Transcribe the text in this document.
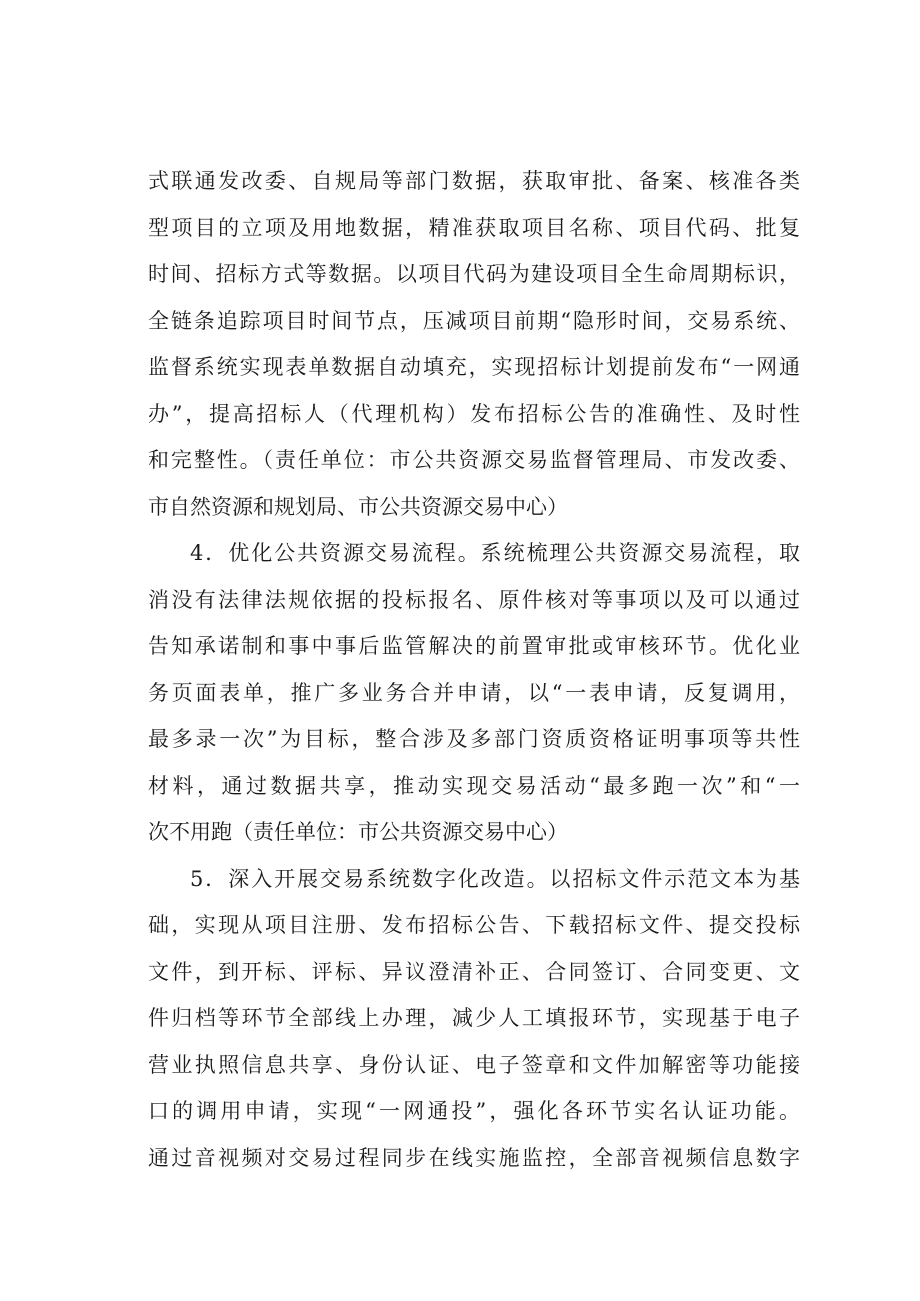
式联通发改委、自规局等部门数据，获取审批、备案、核准各类
型项目的立项及用地数据，精准获取项目名称、项目代码、批复
时间、招标方式等数据。以项目代码为建设项目全生命周期标识，
全链条追踪项目时间节点，压减项目前期“隐形时间，交易系统、
监督系统实现表单数据自动填充，实现招标计划提前发布“一网通
办”，提高招标人（代理机构）发布招标公告的准确性、及时性
和完整性。（责任单位：市公共资源交易监督管理局、市发改委、
市自然资源和规划局、市公共资源交易中心）
4．优化公共资源交易流程。系统梳理公共资源交易流程，取
消没有法律法规依据的投标报名、原件核对等事项以及可以通过
告知承诺制和事中事后监管解决的前置审批或审核环节。优化业
务页面表单，推广多业务合并申请，以“一表申请，反复调用，
最多录一次”为目标，整合涉及多部门资质资格证明事项等共性
材料，通过数据共享，推动实现交易活动“最多跑一次”和“一
次不用跑（责任单位：市公共资源交易中心）
5．深入开展交易系统数字化改造。以招标文件示范文本为基
础，实现从项目注册、发布招标公告、下载招标文件、提交投标
文件，到开标、评标、异议澄清补正、合同签订、合同变更、文
件归档等环节全部线上办理，减少人工填报环节，实现基于电子
营业执照信息共享、身份认证、电子签章和文件加解密等功能接
口的调用申请，实现“一网通投”，强化各环节实名认证功能。
通过音视频对交易过程同步在线实施监控，全部音视频信息数字
